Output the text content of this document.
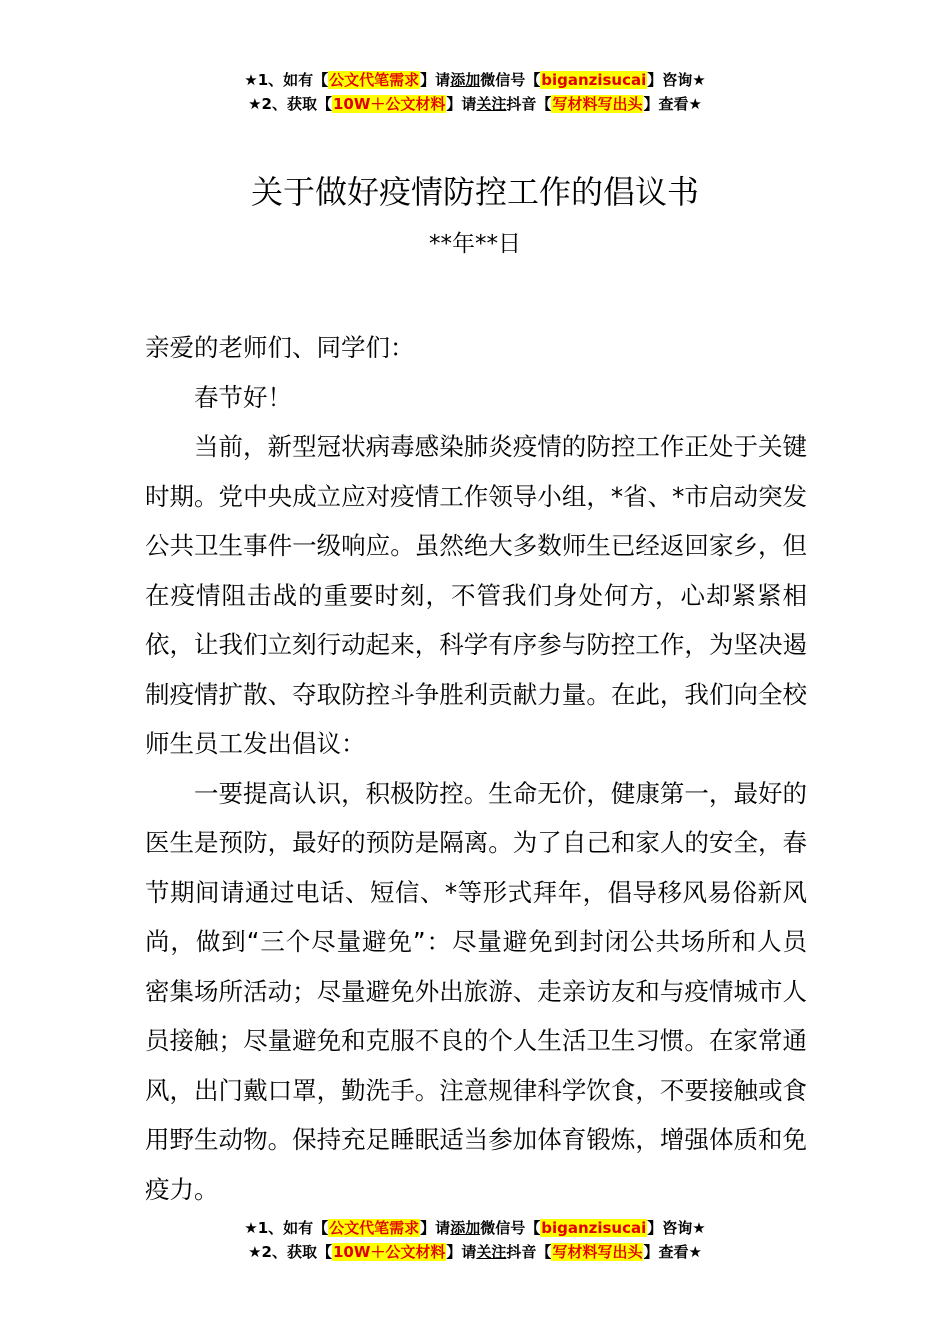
★1、如有【公文代笔需求】请添加微信号【biganzisucai】咨询★
★2、获取【10W＋公文材料】请关注抖音【写材料写出头】查看★
关于做好疫情防控工作的倡议书
**年**日

亲爱的老师们、同学们：

春节好！

当前，新型冠状病毒感染肺炎疫情的防控工作正处于关键时期。党中央成立应对疫情工作领导小组，*省、*市启动突发公共卫生事件一级响应。虽然绝大多数师生已经返回家乡，但在疫情阻击战的重要时刻，不管我们身处何方，心却紧紧相依，让我们立刻行动起来，科学有序参与防控工作，为坚决遏制疫情扩散、夺取防控斗争胜利贡献力量。在此，我们向全校师生员工发出倡议：

一要提高认识，积极防控。生命无价，健康第一，最好的医生是预防，最好的预防是隔离。为了自己和家人的安全，春节期间请通过电话、短信、*等形式拜年，倡导移风易俗新风尚，做到“三个尽量避免”：尽量避免到封闭公共场所和人员密集场所活动；尽量避免外出旅游、走亲访友和与疫情城市人员接触；尽量避免和克服不良的个人生活卫生习惯。在家常通风，出门戴口罩，勤洗手。注意规律科学饮食，不要接触或食用野生动物。保持充足睡眠适当参加体育锻炼，增强体质和免疫力。

★1、如有【公文代笔需求】请添加微信号【biganzisucai】咨询★
★2、获取【10W＋公文材料】请关注抖音【写材料写出头】查看★
